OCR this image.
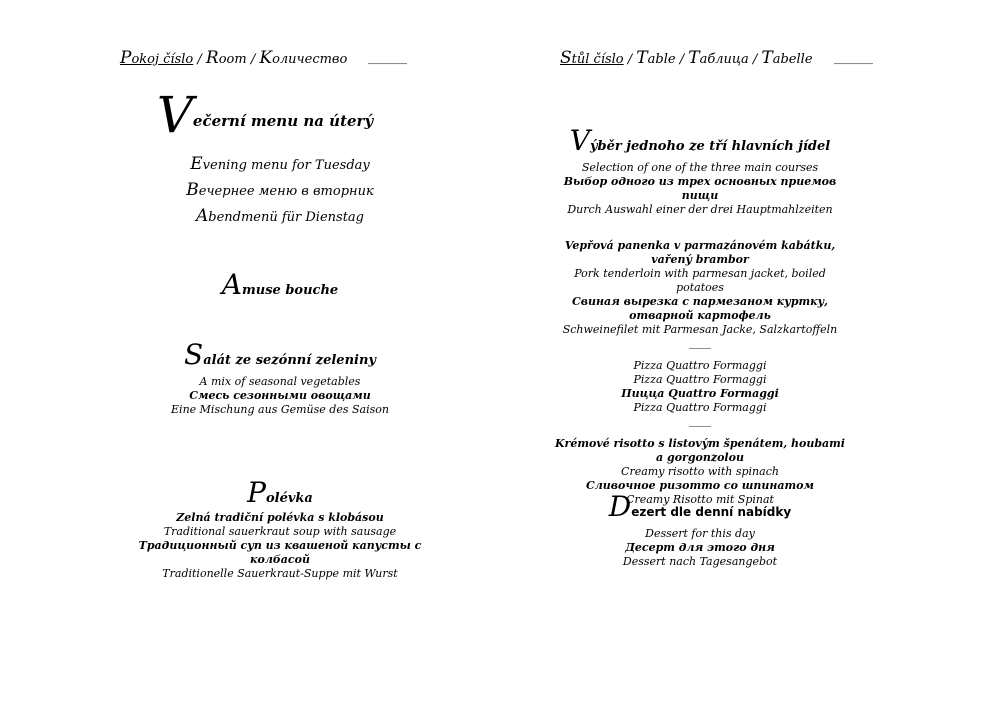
Pokoj číslo / Room / Kоличество ______	Stůl číslo / Table / Tаблица / Tabelle ______
Večerní menu na úterý
Evening menu for Tuesday
Вечернее меню в вторник
Abendmenü für Dienstag
Amuse bouche
Salát ze sezónní zeleniny
A mix of seasonal vegetables
Смесь сезонными овощами
Eine Mischung aus Gemüse des Saison
Polévka
Zelná tradiční polévka s klobásou
Traditional sauerkraut soup with sausage
Традиционный суп из квашеной капусты с колбасой
Traditionelle Sauerkraut-Suppe mit Wurst
Výběr jednoho ze tří hlavních jídel
Selection of one of the three main courses
Выбор одного из трех основных приемов пищи
Durch Auswahl einer der drei Hauptmahlzeiten
Vepřová panenka v parmazánovém kabátku, vařený brambor
Pork tenderloin with parmesan jacket, boiled potatoes
Свиная вырезка с пармезаном куртку, отварной картофель
Schweinefilet mit Parmesan Jacke, Salzkartoffeln
____
Pizza Quattro Formaggi
Pizza Quattro Formaggi
Пицца Quattro Formaggi
Pizza Quattro Formaggi
____
Krémové risotto s listovým špenátem, houbami a gorgonzolou
Creamy risotto with spinach
Сливочное ризотто со шпинатом
Creamy Risotto mit Spinat
Dezert dle denní nabídky
Dessert for this day
Десерт для этого дня
Dessert nach Tagesangebot
